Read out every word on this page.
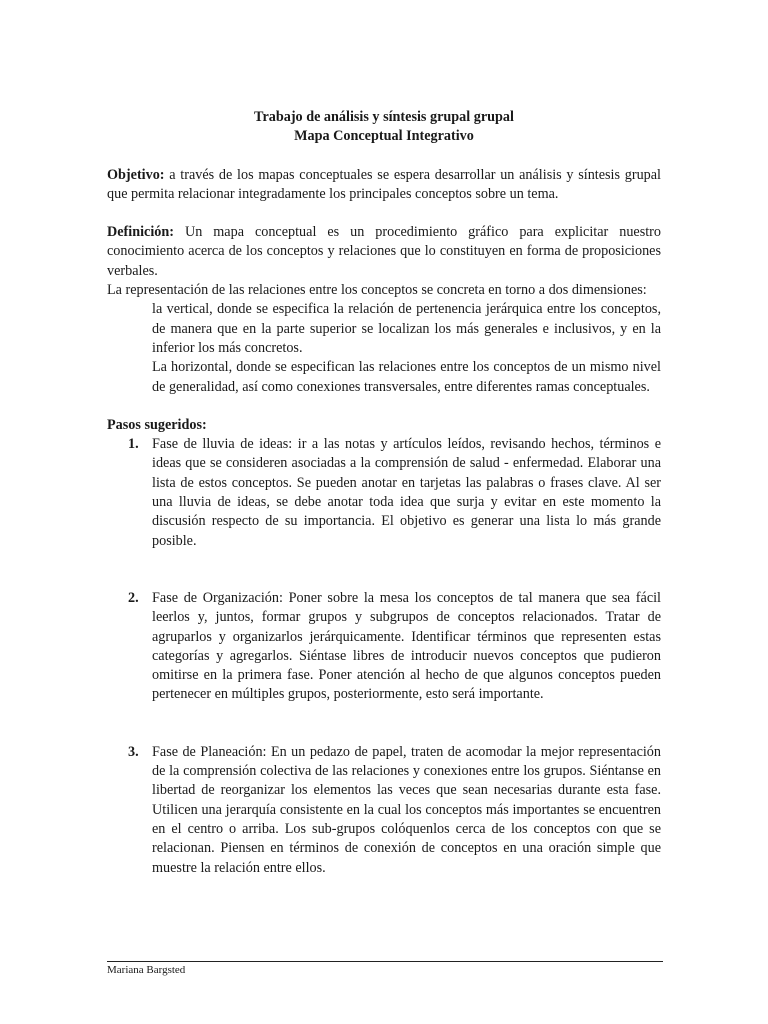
Trabajo de análisis y síntesis grupal grupal

Mapa Conceptual Integrativo

Objetivo: a través de los mapas conceptuales se espera desarrollar un análisis y síntesis grupal que permita relacionar integradamente los principales conceptos sobre un tema.

Definición: Un mapa conceptual es un procedimiento gráfico para explicitar nuestro conocimiento acerca de los conceptos y relaciones que lo constituyen en forma de proposiciones verbales.

La representación de las relaciones entre los conceptos se concreta en torno a dos dimensiones:

la vertical, donde se especifica la relación de pertenencia jerárquica entre los conceptos, de manera que en la parte superior se localizan los más generales e inclusivos, y en la inferior los más concretos.

La horizontal, donde se especifican las relaciones entre los conceptos de un mismo nivel de generalidad, así como conexiones transversales, entre diferentes ramas conceptuales.

Pasos sugeridos:

1. Fase de lluvia de ideas: ir a las notas y artículos leídos, revisando hechos, términos e ideas que se consideren asociadas a la comprensión de salud - enfermedad. Elaborar una lista de estos conceptos. Se pueden anotar en tarjetas las palabras o frases clave. Al ser una lluvia de ideas, se debe anotar toda idea que surja y evitar en este momento la discusión respecto de su importancia. El objetivo es generar una lista lo más grande posible.
2. Fase de Organización: Poner sobre la mesa los conceptos de tal manera que sea fácil leerlos y, juntos, formar grupos y subgrupos de conceptos relacionados. Tratar de agruparlos y organizarlos jerárquicamente. Identificar términos que representen estas categorías y agregarlos. Siéntase libres de introducir nuevos conceptos que pudieron omitirse en la primera fase. Poner atención al hecho de que algunos conceptos pueden pertenecer en múltiples grupos, posteriormente, esto será importante.
3. Fase de Planeación: En un pedazo de papel, traten de acomodar la mejor representación de la comprensión colectiva de las relaciones y conexiones entre los grupos. Siéntanse en libertad de reorganizar los elementos las veces que sean necesarias durante esta fase. Utilicen una jerarquía consistente en la cual los conceptos más importantes se encuentren en el centro o arriba. Los sub-grupos colóquenlos cerca de los conceptos con que se relacionan. Piensen en términos de conexión de conceptos en una oración simple que muestre la relación entre ellos.
Mariana Bargsted
